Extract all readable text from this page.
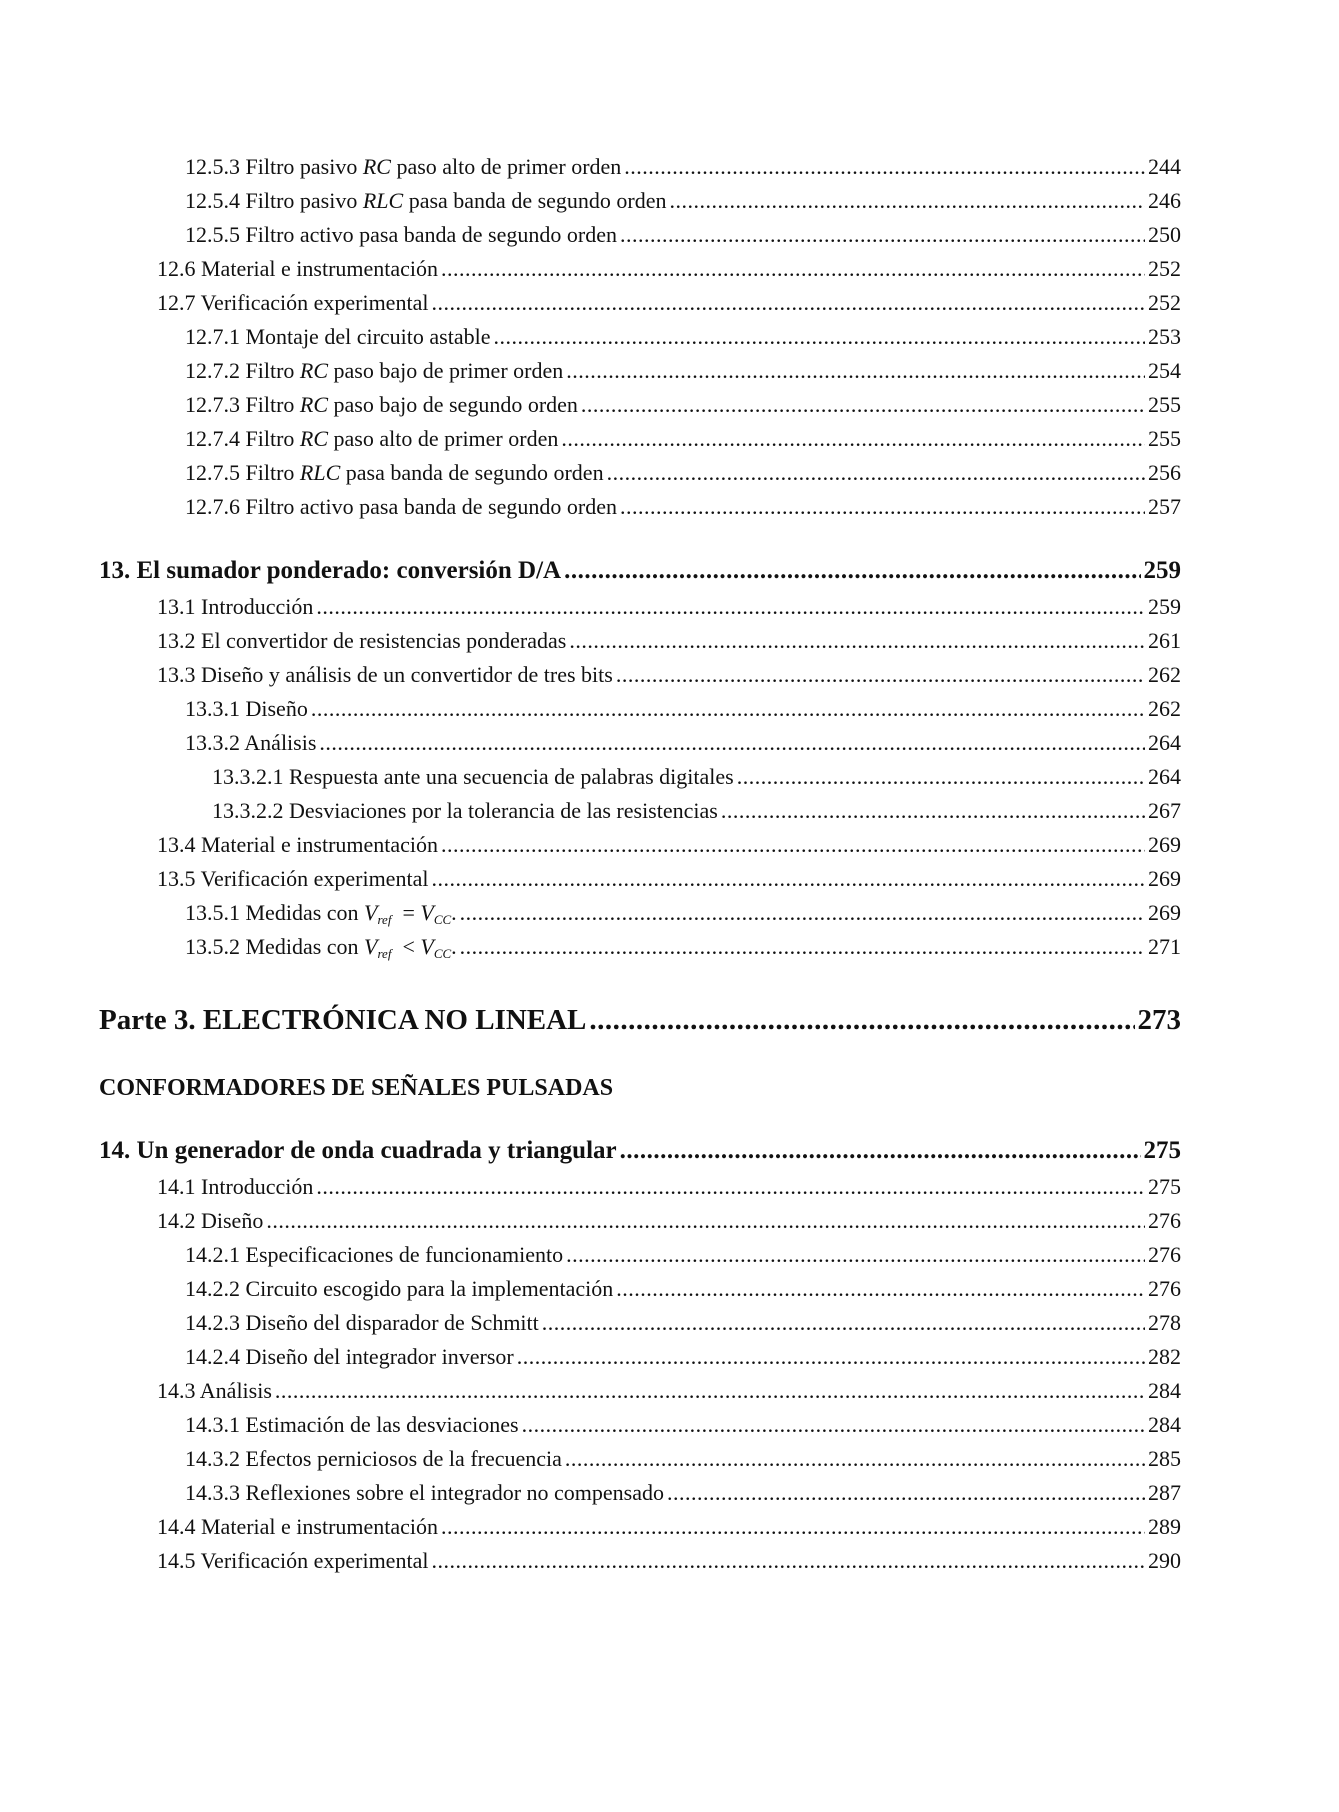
12.5.3 Filtro pasivo RC paso alto de primer orden .....	244
12.5.4 Filtro pasivo RLC pasa banda de segundo orden .....	246
12.5.5 Filtro activo pasa banda de segundo orden .....	250
12.6 Material e instrumentación .....	252
12.7 Verificación experimental .....	252
12.7.1 Montaje del circuito astable .....	253
12.7.2 Filtro RC paso bajo de primer orden .....	254
12.7.3 Filtro RC paso bajo de segundo orden .....	255
12.7.4 Filtro RC paso alto de primer orden .....	255
12.7.5 Filtro RLC pasa banda de segundo orden .....	256
12.7.6 Filtro activo pasa banda de segundo orden .....	257
13. El sumador ponderado: conversión D/A .....	259
13.1 Introducción .....	259
13.2 El convertidor de resistencias ponderadas .....	261
13.3 Diseño y análisis de un convertidor de tres bits .....	262
13.3.1 Diseño .....	262
13.3.2 Análisis .....	264
13.3.2.1 Respuesta ante una secuencia de palabras digitales .....	264
13.3.2.2 Desviaciones por la tolerancia de las resistencias .....	267
13.4 Material e instrumentación .....	269
13.5 Verificación experimental .....	269
13.5.1 Medidas con $V_{ref} = V_{CC}$. .....	269
13.5.2 Medidas con $V_{ref} < V_{CC}$. .....	271
Parte 3. ELECTRÓNICA NO LINEAL .....	273
CONFORMADORES DE SEÑALES PULSADAS
14. Un generador de onda cuadrada y triangular .....	275
14.1 Introducción .....	275
14.2 Diseño .....	276
14.2.1 Especificaciones de funcionamiento .....	276
14.2.2 Circuito escogido para la implementación .....	276
14.2.3 Diseño del disparador de Schmitt .....	278
14.2.4 Diseño del integrador inversor .....	282
14.3 Análisis .....	284
14.3.1 Estimación de las desviaciones .....	284
14.3.2 Efectos perniciosos de la frecuencia .....	285
14.3.3 Reflexiones sobre el integrador no compensado .....	287
14.4 Material e instrumentación .....	289
14.5 Verificación experimental .....	290
